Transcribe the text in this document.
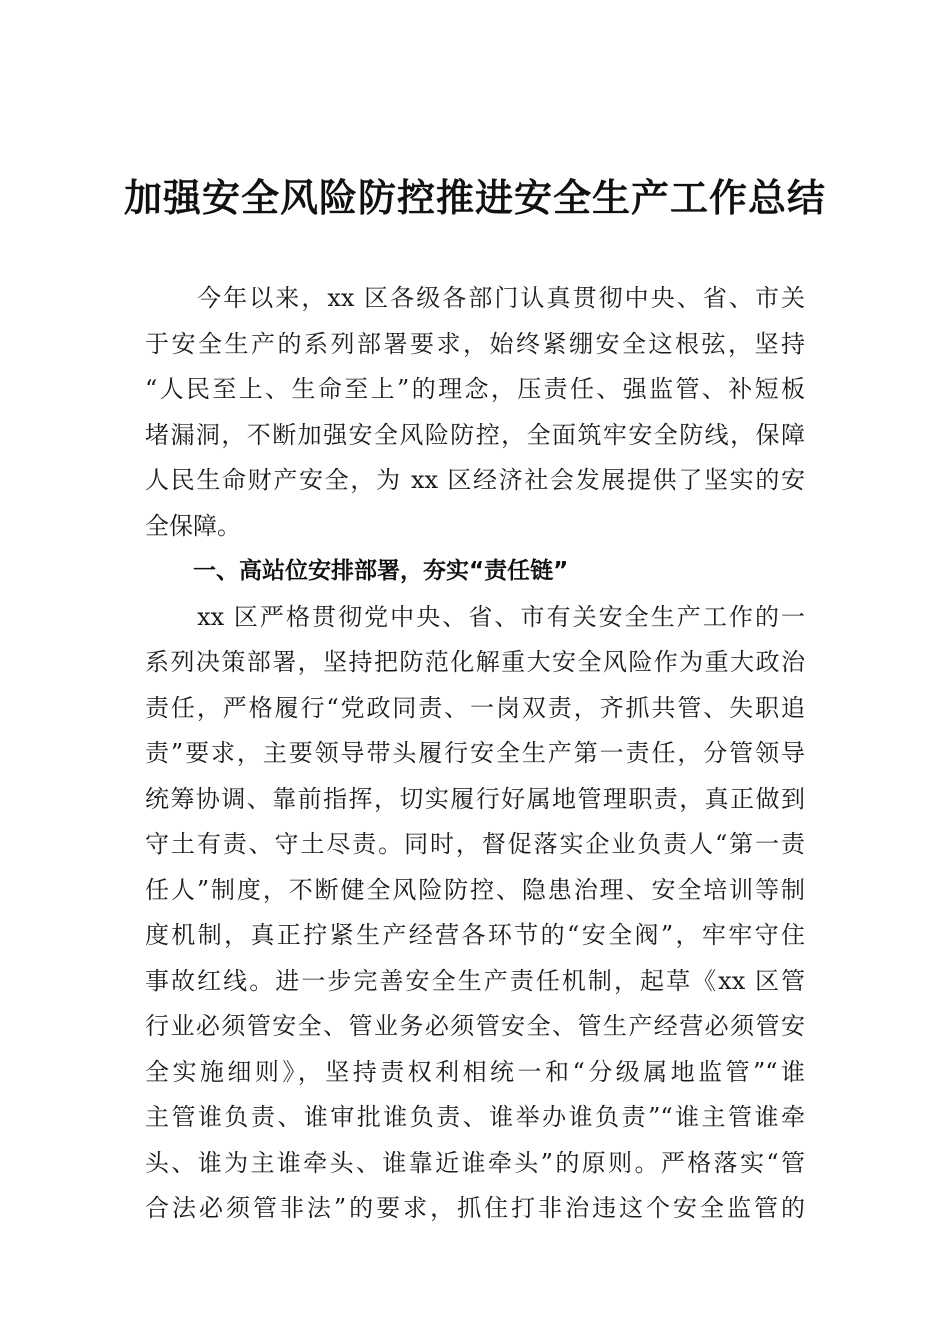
加强安全风险防控推进安全生产工作总结
　　今年以来，xx 区各级各部门认真贯彻中央、省、市关
于安全生产的系列部署要求，始终紧绷安全这根弦，坚持
“人民至上、生命至上”的理念，压责任、强监管、补短板
堵漏洞，不断加强安全风险防控，全面筑牢安全防线，保障
人民生命财产安全，为 xx 区经济社会发展提供了坚实的安
全保障。
一、高站位安排部署，夯实“责任链”
　　xx 区严格贯彻党中央、省、市有关安全生产工作的一
系列决策部署，坚持把防范化解重大安全风险作为重大政治
责任，严格履行“党政同责、一岗双责，齐抓共管、失职追
责”要求，主要领导带头履行安全生产第一责任，分管领导
统筹协调、靠前指挥，切实履行好属地管理职责，真正做到
守土有责、守土尽责。同时，督促落实企业负责人“第一责
任人”制度，不断健全风险防控、隐患治理、安全培训等制
度机制，真正拧紧生产经营各环节的“安全阀”，牢牢守住
事故红线。进一步完善安全生产责任机制，起草《xx 区管
行业必须管安全、管业务必须管安全、管生产经营必须管安
全实施细则》，坚持责权利相统一和“分级属地监管”“谁
主管谁负责、谁审批谁负责、谁举办谁负责”“谁主管谁牵
头、谁为主谁牵头、谁靠近谁牵头”的原则。严格落实“管
合法必须管非法”的要求，抓住打非治违这个安全监管的
